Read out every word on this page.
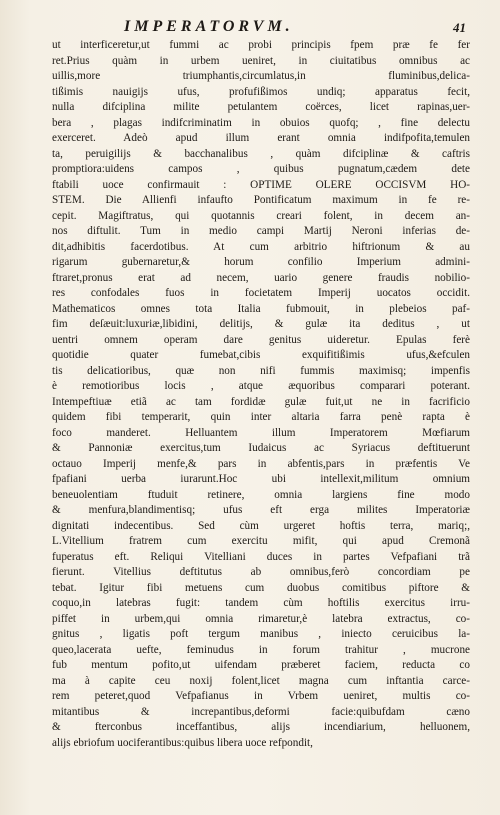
IMPERATORVM.	41
ut interficeretur,ut fummi ac probi principis fpem præ fe fer
ret.Prius quàm in urbem ueniret, in ciuitatibus omnibus ac
uillis,more triumphantis,circumlatus,in fluminibus,delica-
tißimis nauigijs ufus, profufißimos undiq; apparatus fecit,
nulla difciplina milite petulantem coërces, licet rapinas,uer-
bera , plagas indifcriminatim in obuios quofq; , fine delectu
exerceret. Adeò apud illum erant omnia indifpofita,temulen
ta, peruigilijs & bacchanalibus , quàm difciplinæ & caftris
promptiora:uidens campos , quibus pugnatum,cædem dete
ftabili uoce confirmauit : OPTIME OLERE OCCISVM HO-
STEM. Die Allienfi infaufto Pontificatum maximum in fe re-
cepit. Magiftratus, qui quotannis creari folent, in decem an-
nos diftulit. Tum in medio campi Martij Neroni inferias de-
dit,adhibitis facerdotibus. At cum arbitrio hiftrionum & au
rigarum gubernaretur,& horum confilio Imperium admini-
ftraret,pronus erat ad necem, uario genere fraudis nobilio-
res confodales fuos in focietatem Imperij uocatos occidit.
Mathematicos omnes tota Italia fubmouit, in plebeios paf-
fim deſæuit:luxuriæ,libidini, delitijs, & gulæ ita deditus , ut
uentri omnem operam dare genitus uideretur. Epulas ferè
quotidie quater fumebat,cibis exquifitißimis ufus,&efculen
tis delicatioribus, quæ non nifi fummis maximisq; impenfis
è remotioribus locis , atque æquoribus comparari poterant.
Intempeftiuæ etiã ac tam fordidæ gulæ fuit,ut ne in facrificio
quidem fibi temperarit, quin inter altaria farra penè rapta è
foco manderet. Helluantem illum Imperatorem Mœfiarum
& Pannoniæ exercitus,tum Iudaicus ac Syriacus deftituerunt
octauo Imperij menfe,& pars in abfentis,pars in præfentis Ve
fpafiani uerba iurarunt.Hoc ubi intellexit,militum omnium
beneuolentiam ftuduit retinere, omnia largiens fine modo
& menfura,blandimentisq; ufus eft erga milites Imperatoriæ
dignitati indecentibus. Sed cùm urgeret hoftis terra, mariq;,
L.Vitellium fratrem cum exercitu mifit, qui apud Cremonã
fuperatus eft. Reliqui Vitelliani duces in partes Vefpafiani trã
fierunt. Vitellius deftitutus ab omnibus,ferò concordiam pe
tebat. Igitur fibi metuens cum duobus comitibus piftore &
coquo,in latebras fugit: tandem cùm hoftilis exercitus irru-
piffet in urbem,qui omnia rimaretur,è latebra extractus, co-
gnitus , ligatis poft tergum manibus , iniecto ceruicibus la-
queo,lacerata uefte, feminudus in forum trahitur , mucrone
fub mentum pofito,ut uifendam præberet faciem, reducta co
ma à capite ceu noxij folent,licet magna cum inftantia carce-
rem peteret,quod Vefpafianus in Vrbem ueniret, multis co-
mitantibus & increpantibus,deformi facie:quibufdam cæno
& fterconbus inceffantibus, alijs incendiarium, helluonem,
alijs ebriofum uociferantibus:quibus libera uoce refpondit,
